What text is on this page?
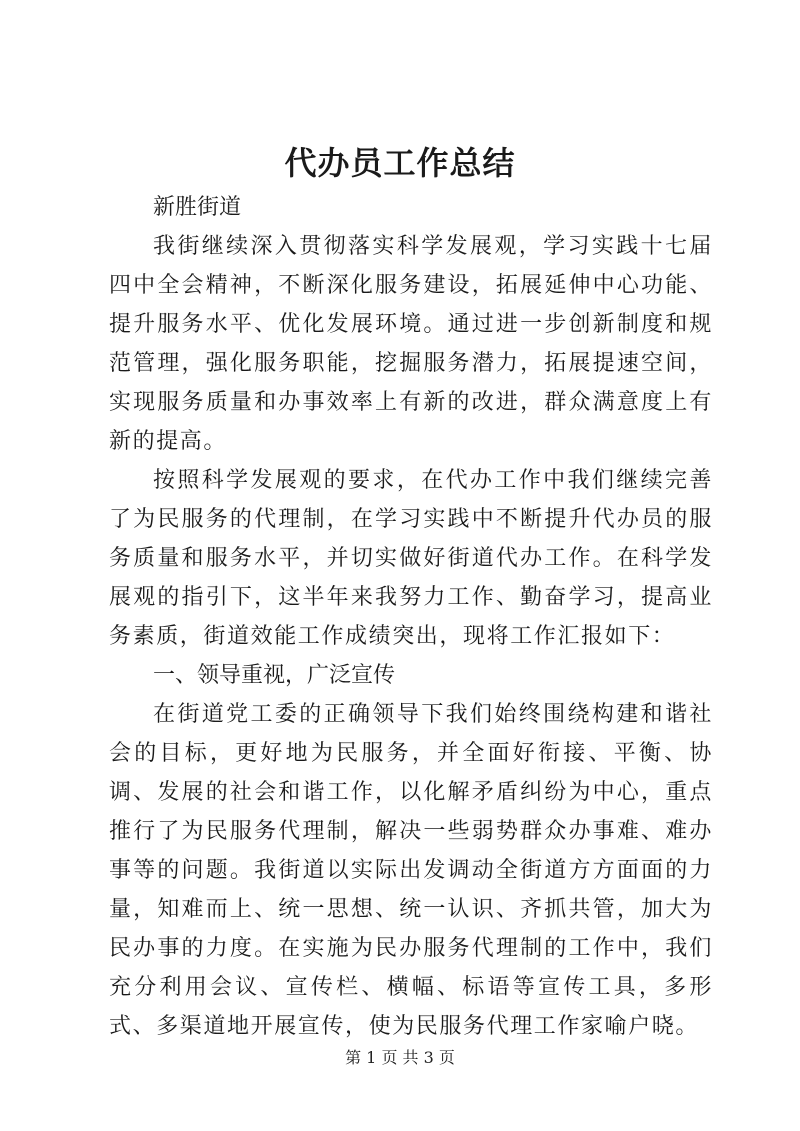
代办员工作总结

新胜街道

我街继续深入贯彻落实科学发展观，学习实践十七届四中全会精神，不断深化服务建设，拓展延伸中心功能、提升服务水平、优化发展环境。通过进一步创新制度和规范管理，强化服务职能，挖掘服务潜力，拓展提速空间，实现服务质量和办事效率上有新的改进，群众满意度上有新的提高。

按照科学发展观的要求，在代办工作中我们继续完善了为民服务的代理制，在学习实践中不断提升代办员的服务质量和服务水平，并切实做好街道代办工作。在科学发展观的指引下，这半年来我努力工作、勤奋学习，提高业务素质，街道效能工作成绩突出，现将工作汇报如下：

一、领导重视，广泛宣传

在街道党工委的正确领导下我们始终围绕构建和谐社会的目标，更好地为民服务，并全面好衔接、平衡、协调、发展的社会和谐工作，以化解矛盾纠纷为中心，重点推行了为民服务代理制，解决一些弱势群众办事难、难办事等的问题。我街道以实际出发调动全街道方方面面的力量，知难而上、统一思想、统一认识、齐抓共管，加大为民办事的力度。在实施为民办服务代理制的工作中，我们充分利用会议、宣传栏、横幅、标语等宣传工具，多形式、多渠道地开展宣传，使为民服务代理工作家喻户晓。

第 1 页 共 3 页
